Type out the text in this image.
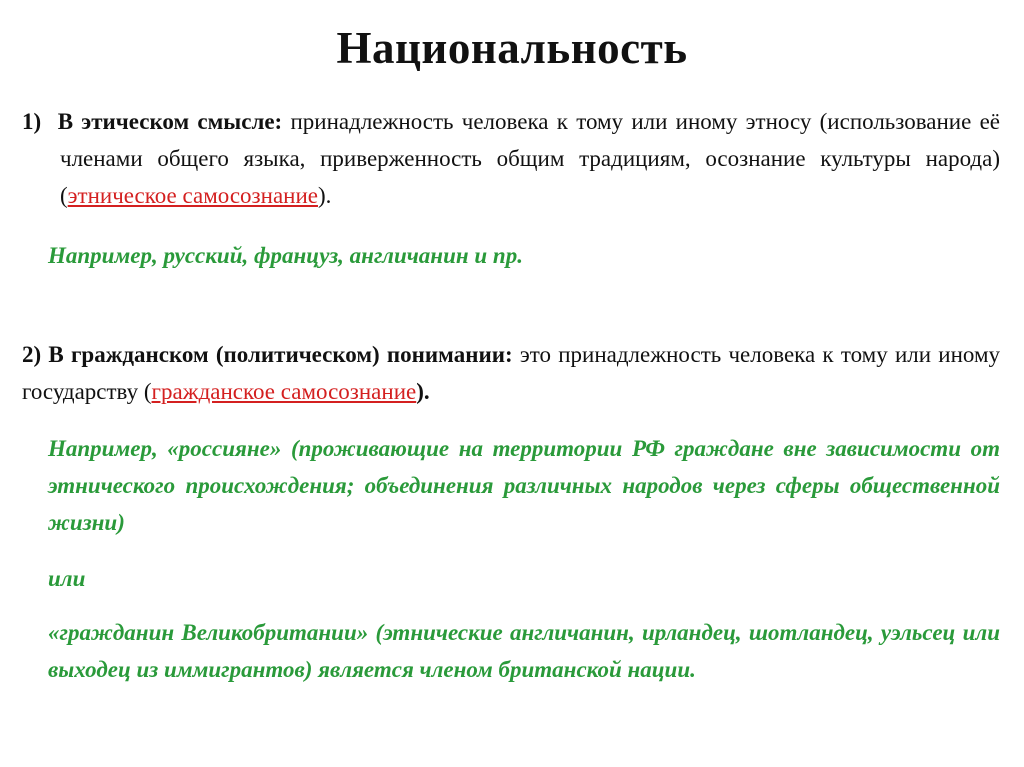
Национальность
1) В этическом смысле: принадлежность человека к тому или иному этносу (использование её членами общего языка, приверженность общим традициям, осознание культуры народа) (этническое самосознание).
Например, русский, француз, англичанин и пр.
2) В гражданском (политическом) понимании: это принадлежность человека к тому или иному государству (гражданское самосознание).
Например, «россияне» (проживающие на территории РФ граждане вне зависимости от этнического происхождения; объединения различных народов через сферы общественной жизни)
или
«гражданин Великобритании» (этнические англичанин, ирландец, шотландец, уэльсец или выходец из иммигрантов) является членом британской нации.
